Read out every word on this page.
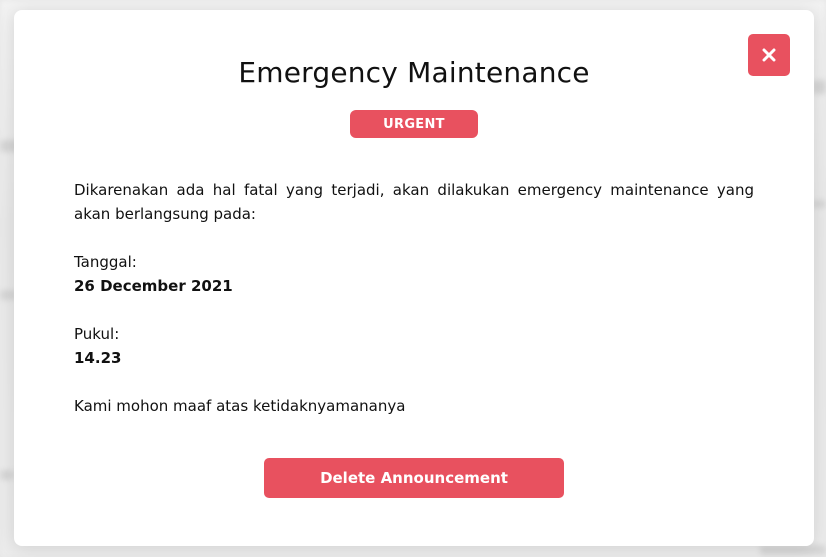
Emergency Maintenance
URGENT
Dikarenakan ada hal fatal yang terjadi, akan dilakukan emergency maintenance yang akan berlangsung pada:
Tanggal:
26 December 2021
Pukul:
14.23
Kami mohon maaf atas ketidaknyamananya
Delete Announcement
